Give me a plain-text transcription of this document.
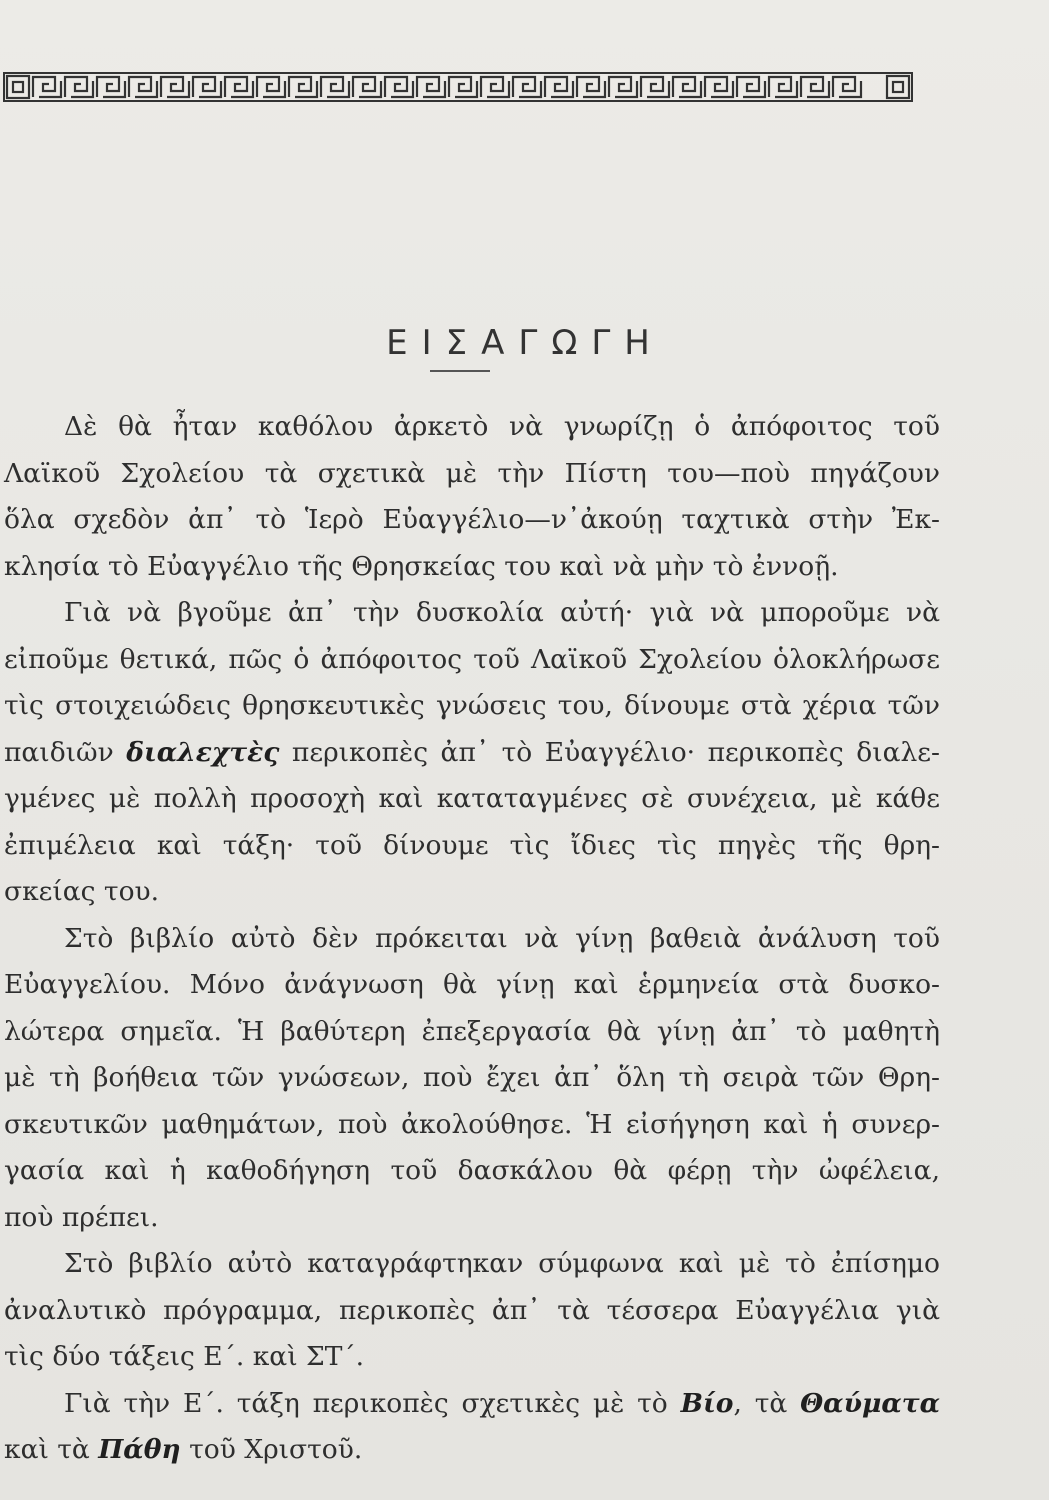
ΕΙΣΑΓΩΓΗ
Δὲ θὰ ἦταν καθόλου ἀρκετὸ νὰ γνωρίζῃ ὁ ἀπόφοιτος τοῦ
Λαϊκοῦ Σχολείου τὰ σχετικὰ μὲ τὴν Πίστη του—ποὺ πηγάζουν
ὅλα σχεδὸν ἀπ᾿ τὸ Ἱερὸ Εὐαγγέλιο—ν᾿ἀκούῃ ταχτικὰ στὴν Ἐκ-
κλησία τὸ Εὐαγγέλιο τῆς Θρησκείας του καὶ νὰ μὴν τὸ ἐννοῇ.
Γιὰ νὰ βγοῦμε ἀπ᾿ τὴν δυσκολία αὐτή· γιὰ νὰ μποροῦμε νὰ
εἰποῦμε θετικά, πῶς ὁ ἀπόφοιτος τοῦ Λαϊκοῦ Σχολείου ὁλοκλήρωσε
τὶς στοιχειώδεις θρησκευτικὲς γνώσεις του, δίνουμε στὰ χέρια τῶν
παιδιῶν διαλεχτὲς περικοπὲς ἀπ᾿ τὸ Εὐαγγέλιο· περικοπὲς διαλε-
γμένες μὲ πολλὴ προσοχὴ καὶ καταταγμένες σὲ συνέχεια, μὲ κάθε
ἐπιμέλεια καὶ τάξη· τοῦ δίνουμε τὶς ἴδιες τὶς πηγὲς τῆς θρη-
σκείας του.
Στὸ βιβλίο αὐτὸ δὲν πρόκειται νὰ γίνῃ βαθειὰ ἀνάλυση τοῦ
Εὐαγγελίου. Μόνο ἀνάγνωση θὰ γίνῃ καὶ ἑρμηνεία στὰ δυσκο-
λώτερα σημεῖα. Ἡ βαθύτερη ἐπεξεργασία θὰ γίνῃ ἀπ᾿ τὸ μαθητὴ
μὲ τὴ βοήθεια τῶν γνώσεων, ποὺ ἔχει ἀπ᾿ ὅλη τὴ σειρὰ τῶν Θρη-
σκευτικῶν μαθημάτων, ποὺ ἀκολούθησε. Ἡ εἰσήγηση καὶ ἡ συνερ-
γασία καὶ ἡ καθοδήγηση τοῦ δασκάλου θὰ φέρῃ τὴν ὠφέλεια,
ποὺ πρέπει.
Στὸ βιβλίο αὐτὸ καταγράφτηκαν σύμφωνα καὶ μὲ τὸ ἐπίσημο
ἀναλυτικὸ πρόγραμμα, περικοπὲς ἀπ᾿ τὰ τέσσερα Εὐαγγέλια γιὰ
τὶς δύο τάξεις Ε΄. καὶ ΣΤ΄.
Γιὰ τὴν Ε΄. τάξη περικοπὲς σχετικὲς μὲ τὸ Βίο, τὰ Θαύματα
καὶ τὰ Πάθη τοῦ Χριστοῦ.
